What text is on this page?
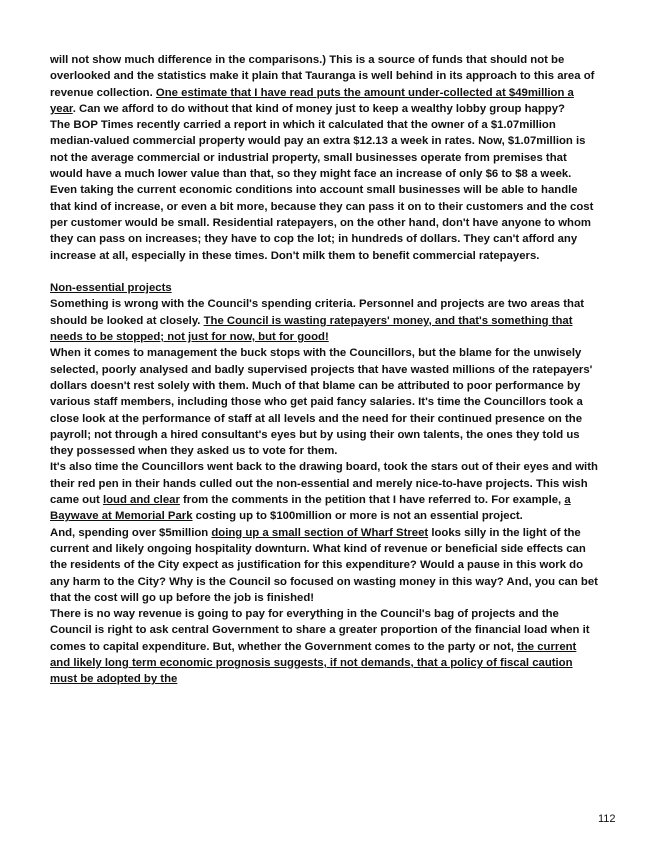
will not show much difference in the comparisons.) This is a source of funds that should not be overlooked and the statistics make it plain that Tauranga is well behind in its approach to this area of revenue collection. One estimate that I have read puts the amount under-collected at $49million a year. Can we afford to do without that kind of money just to keep a wealthy lobby group happy?

The BOP Times recently carried a report in which it calculated that the owner of a $1.07million median-valued commercial property would pay an extra $12.13 a week in rates. Now, $1.07million is not the average commercial or industrial property, small businesses operate from premises that would have a much lower value than that, so they might face an increase of only $6 to $8 a week. Even taking the current economic conditions into account small businesses will be able to handle that kind of increase, or even a bit more, because they can pass it on to their customers and the cost per customer would be small. Residential ratepayers, on the other hand, don't have anyone to whom they can pass on increases; they have to cop the lot; in hundreds of dollars. They can't afford any increase at all, especially in these times. Don't milk them to benefit commercial ratepayers.

Non-essential projects

Something is wrong with the Council's spending criteria. Personnel and projects are two areas that should be looked at closely. The Council is wasting ratepayers' money, and that's something that needs to be stopped; not just for now, but for good!

When it comes to management the buck stops with the Councillors, but the blame for the unwisely selected, poorly analysed and badly supervised projects that have wasted millions of the ratepayers' dollars doesn't rest solely with them. Much of that blame can be attributed to poor performance by various staff members, including those who get paid fancy salaries. It's time the Councillors took a close look at the performance of staff at all levels and the need for their continued presence on the payroll; not through a hired consultant's eyes but by using their own talents, the ones they told us they possessed when they asked us to vote for them.

It's also time the Councillors went back to the drawing board, took the stars out of their eyes and with their red pen in their hands culled out the non-essential and merely nice-to-have projects. This wish came out loud and clear from the comments in the petition that I have referred to. For example, a Baywave at Memorial Park costing up to $100million or more is not an essential project.

And, spending over $5million doing up a small section of Wharf Street looks silly in the light of the current and likely ongoing hospitality downturn. What kind of revenue or beneficial side effects can the residents of the City expect as justification for this expenditure? Would a pause in this work do any harm to the City? Why is the Council so focused on wasting money in this way? And, you can bet that the cost will go up before the job is finished!

There is no way revenue is going to pay for everything in the Council's bag of projects and the Council is right to ask central Government to share a greater proportion of the financial load when it comes to capital expenditure. But, whether the Government comes to the party or not, the current and likely long term economic prognosis suggests, if not demands, that a policy of fiscal caution must be adopted by the

112
